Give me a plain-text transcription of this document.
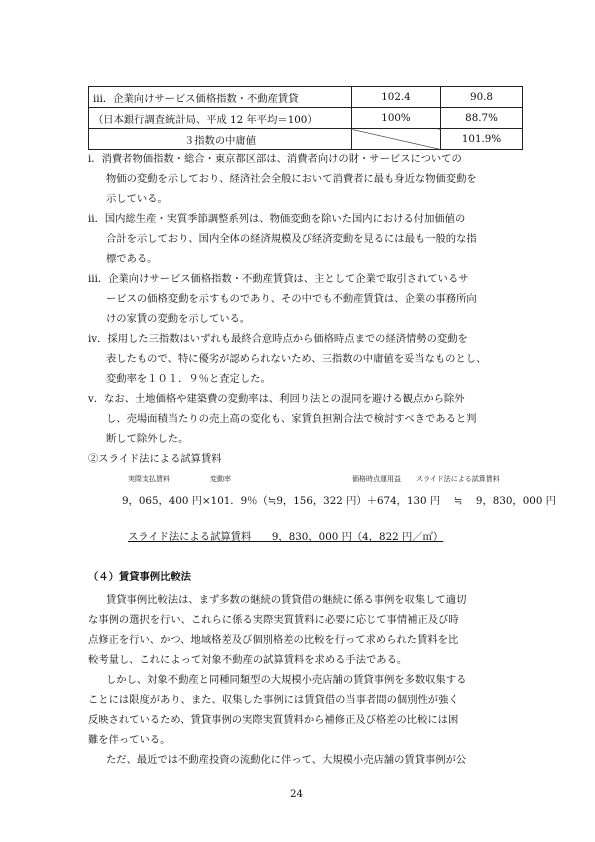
ⅲ．企業向けサービス価格指数・不動産賃貸	102.4	90.8
（日本銀行調査統計局、平成 12 年平均＝100）	100%	88.7%
３指数の中庸値		101.9%
ⅰ．消費者物価指数・総合・東京都区部は、消費者向けの財・サービスについての
物価の変動を示しており、経済社会全般において消費者に最も身近な物価変動を
示している。
ⅱ．国内総生産・実質季節調整系列は、物価変動を除いた国内における付加価値の
合計を示しており、国内全体の経済規模及び経済変動を見るには最も一般的な指
標である。
ⅲ．企業向けサービス価格指数・不動産賃貸は、主として企業で取引されているサ
ービスの価格変動を示すものであり、その中でも不動産賃貸は、企業の事務所向
けの家賃の変動を示している。
ⅳ．採用した三指数はいずれも最終合意時点から価格時点までの経済情勢の変動を
表したもので、特に優劣が認められないため、三指数の中庸値を妥当なものとし、
変動率を１０１．９％と査定した。
ⅴ．なお、土地価格や建築費の変動率は、利回り法との混同を避ける観点から除外
し、売場面積当たりの売上高の変化も、家賃負担割合法で検討すべきであると判
断して除外した。
②スライド法による試算賃料
実際支払賃料	変動率	価格時点運用益 スライド法による試算賃料
9，065，400 円×101．9％（≒9，156，322 円）＋674，130 円　 ≒ 　9，830，000 円
スライド法による試算賃料　　9，830，000 円（4，822 円／㎡）
（４）賃貸事例比較法
賃貸事例比較法は、まず多数の継続の賃貸借の継続に係る事例を収集して適切
な事例の選択を行い、これらに係る実際実質賃料に必要に応じて事情補正及び時
点修正を行い、かつ、地域格差及び個別格差の比較を行って求められた賃料を比
較考量し、これによって対象不動産の試算賃料を求める手法である。
しかし、対象不動産と同種同類型の大規模小売店舗の賃貸事例を多数収集する
ことには限度があり、また、収集した事例には賃貸借の当事者間の個別性が強く
反映されているため、賃貸事例の実際実質賃料から補修正及び格差の比較には困
難を伴っている。
ただ、最近では不動産投資の流動化に伴って、大規模小売店舗の賃貸事例が公
24
